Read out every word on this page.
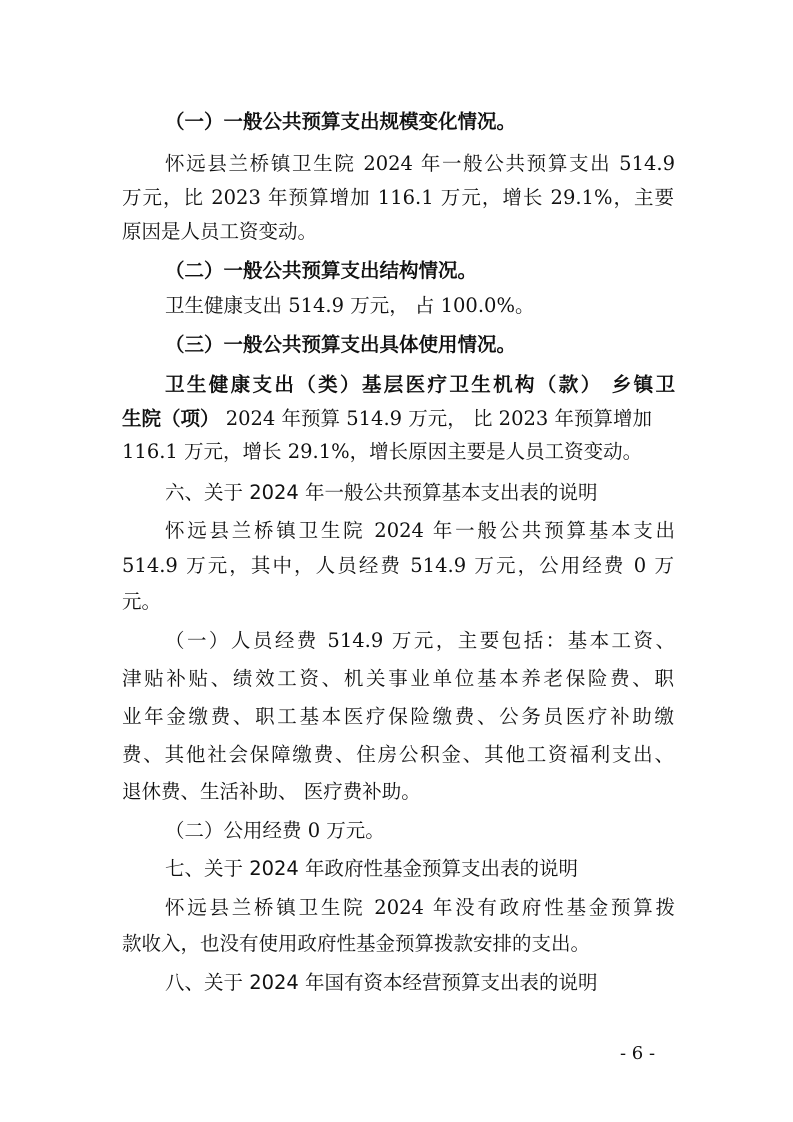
（一）一般公共预算支出规模变化情况。
怀远县兰桥镇卫生院 2024 年一般公共预算支出 514.9
万元，比 2023 年预算增加 116.1 万元，增长 29.1%，主要
原因是人员工资变动。
（二）一般公共预算支出结构情况。
卫生健康支出 514.9 万元， 占 100.0%。
（三）一般公共预算支出具体使用情况。
卫生健康支出（类）基层医疗卫生机构（款） 乡镇卫
生院（项） 2024 年预算 514.9 万元， 比 2023 年预算增加
116.1 万元，增长 29.1%，增长原因主要是人员工资变动。
六、关于 2024 年一般公共预算基本支出表的说明
怀远县兰桥镇卫生院 2024 年一般公共预算基本支出
514.9 万元，其中，人员经费 514.9 万元，公用经费 0 万
元。
（一）人员经费 514.9 万元，主要包括：基本工资、
津贴补贴、绩效工资、机关事业单位基本养老保险费、职
业年金缴费、职工基本医疗保险缴费、公务员医疗补助缴
费、其他社会保障缴费、住房公积金、其他工资福利支出、
退休费、生活补助、 医疗费补助。
（二）公用经费 0 万元。
七、关于 2024 年政府性基金预算支出表的说明
怀远县兰桥镇卫生院 2024 年没有政府性基金预算拨
款收入，也没有使用政府性基金预算拨款安排的支出。
八、关于 2024 年国有资本经营预算支出表的说明
- 6 -
